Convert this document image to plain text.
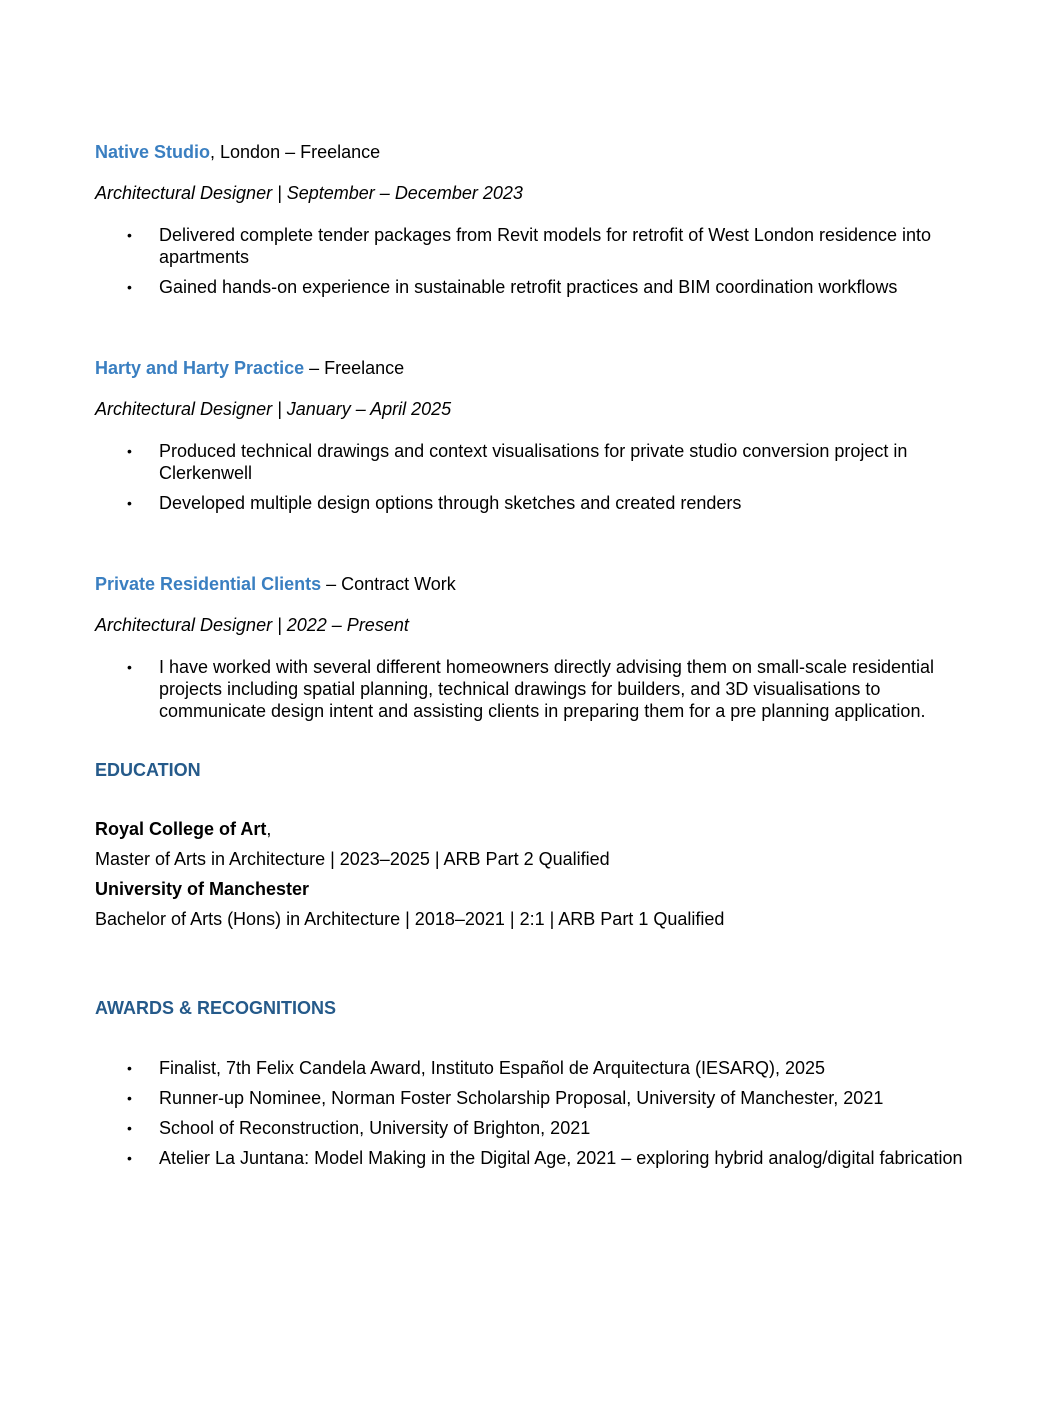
Native Studio, London – Freelance
Architectural Designer | September – December 2023
• Delivered complete tender packages from Revit models for retrofit of West London residence into apartments
• Gained hands-on experience in sustainable retrofit practices and BIM coordination workflows
Harty and Harty Practice – Freelance
Architectural Designer | January – April 2025
• Produced technical drawings and context visualisations for private studio conversion project in Clerkenwell
• Developed multiple design options through sketches and created renders
Private Residential Clients – Contract Work
Architectural Designer | 2022 – Present
• I have worked with several different homeowners directly advising them on small-scale residential projects including spatial planning, technical drawings for builders, and 3D visualisations to communicate design intent and assisting clients in preparing them for a pre planning application.
EDUCATION
Royal College of Art,
Master of Arts in Architecture | 2023–2025 | ARB Part 2 Qualified
University of Manchester
Bachelor of Arts (Hons) in Architecture | 2018–2021 | 2:1 | ARB Part 1 Qualified
AWARDS & RECOGNITIONS
• Finalist, 7th Felix Candela Award, Instituto Español de Arquitectura (IESARQ), 2025
• Runner-up Nominee, Norman Foster Scholarship Proposal, University of Manchester, 2021
• School of Reconstruction, University of Brighton, 2021
• Atelier La Juntana: Model Making in the Digital Age, 2021 – exploring hybrid analog/digital fabrication
